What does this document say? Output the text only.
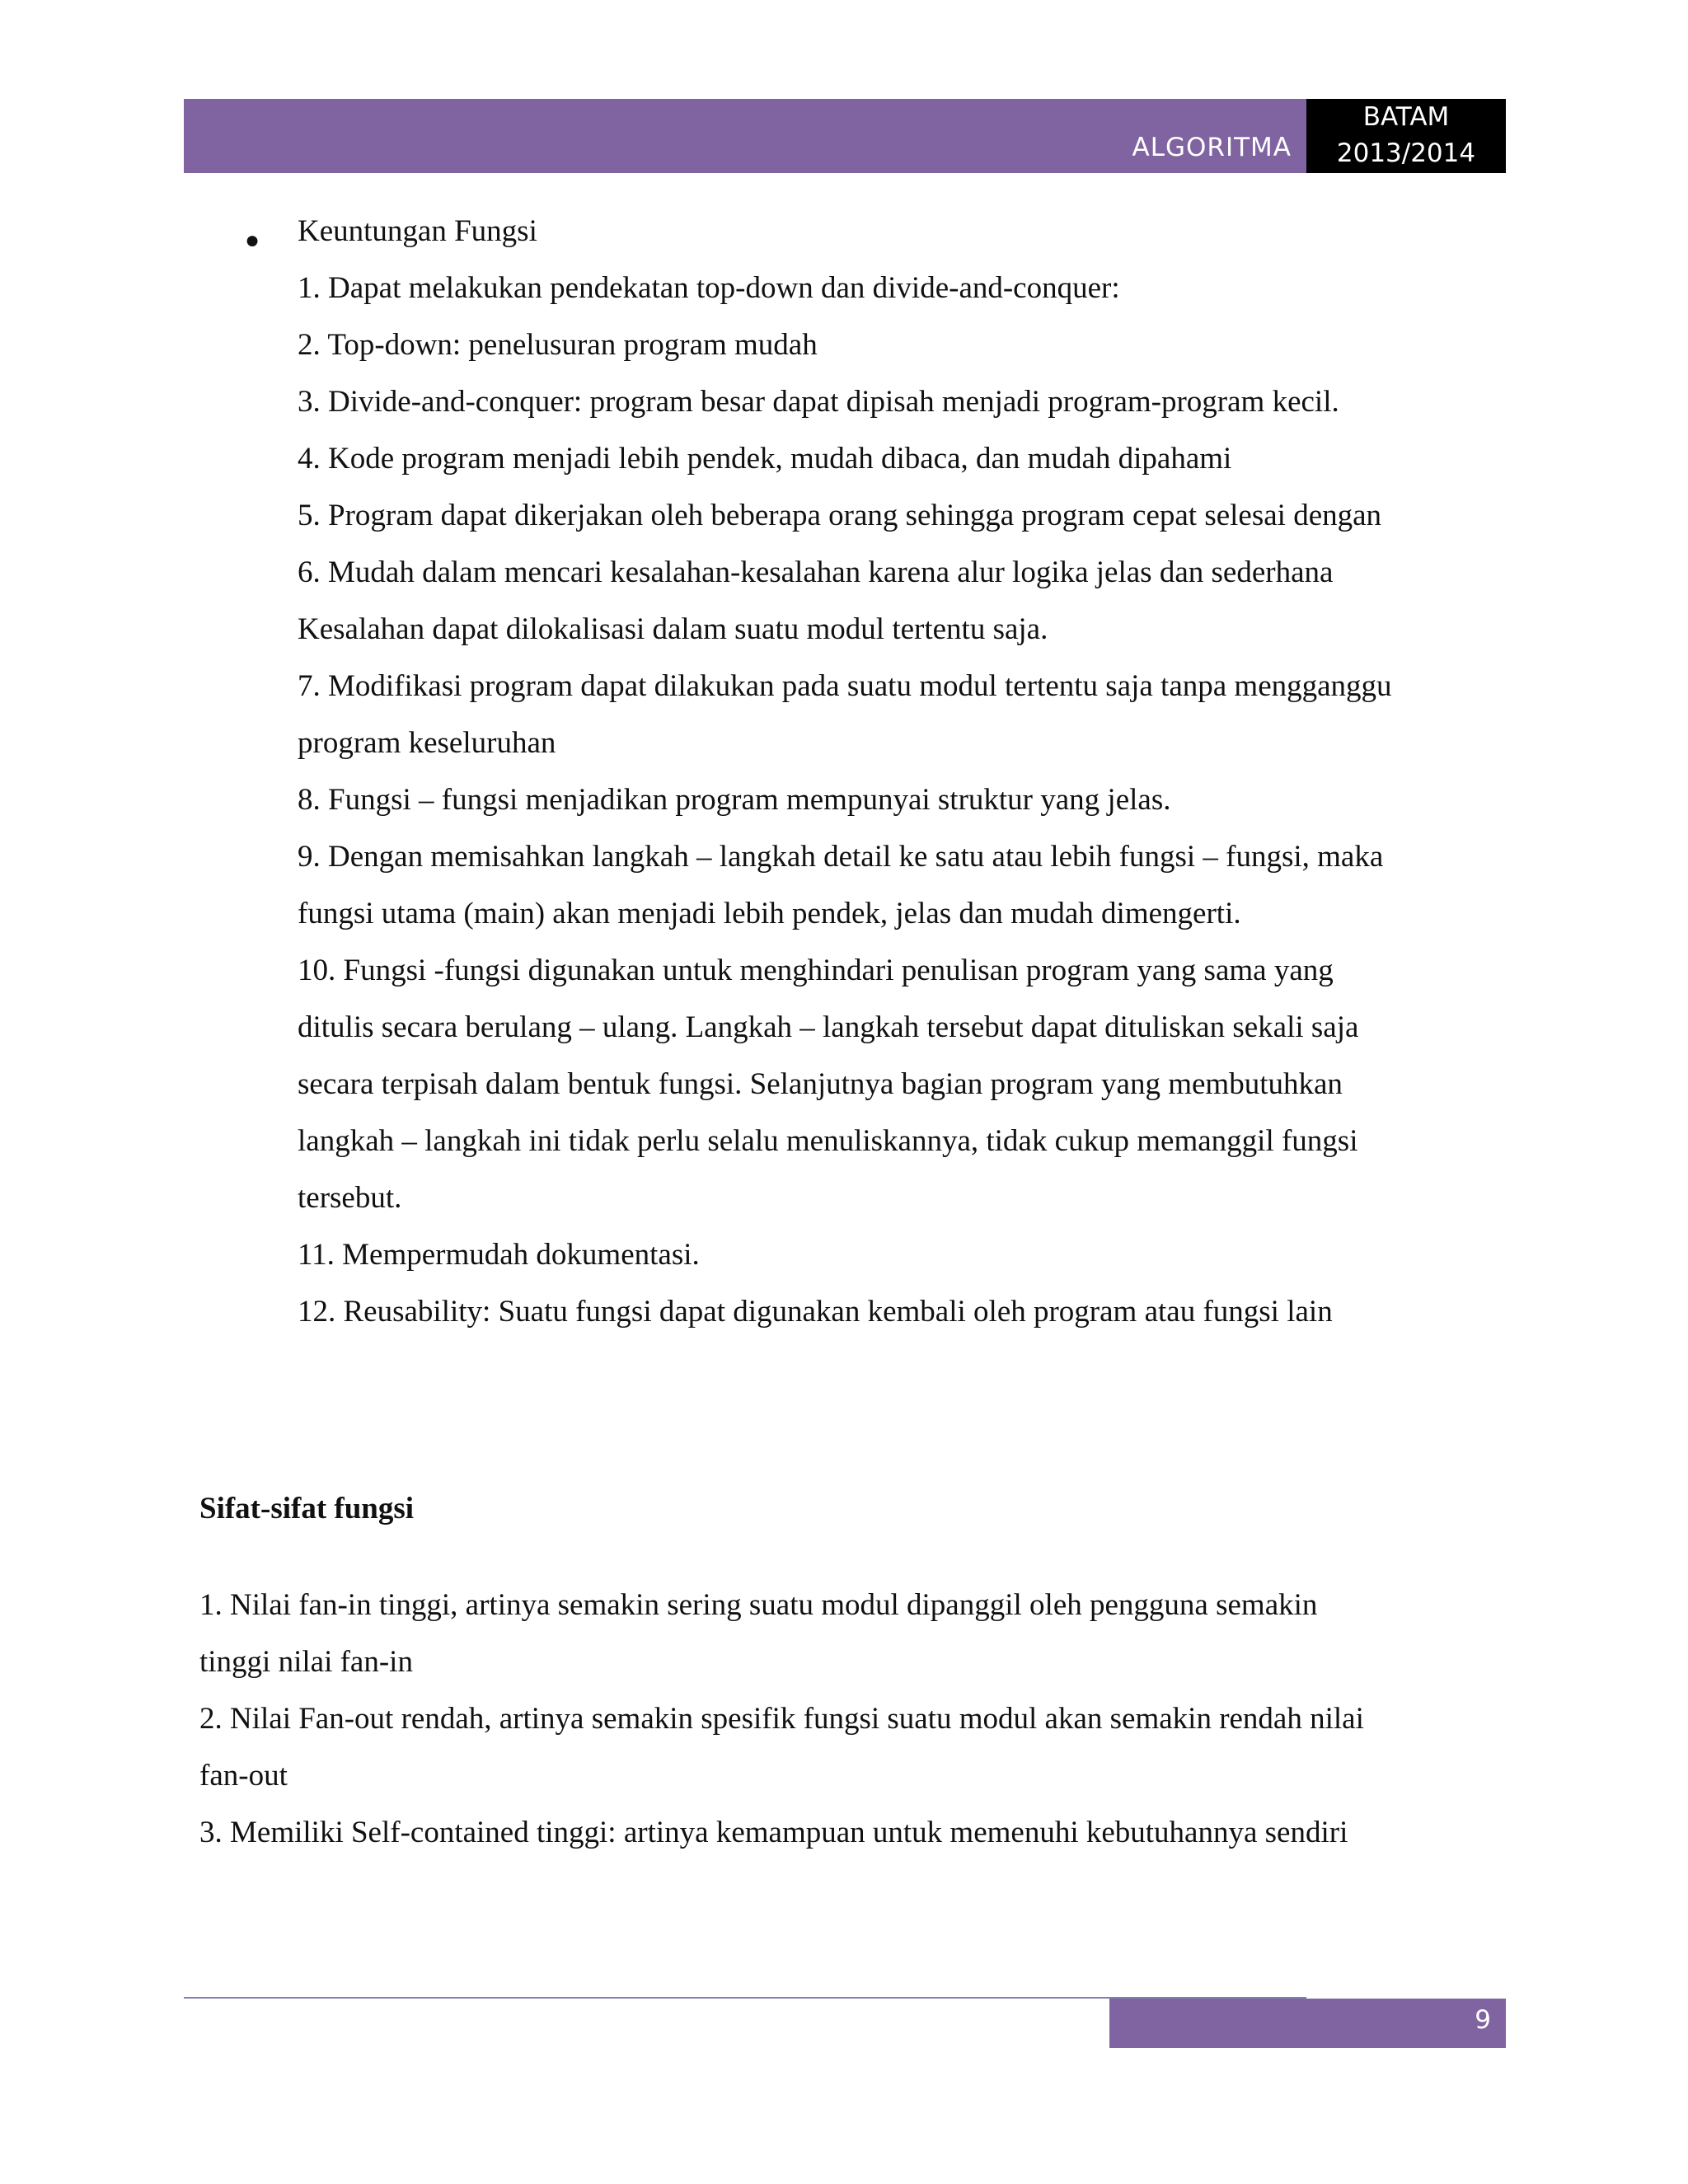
ALGORITMA
BATAM
2013/2014
● Keuntungan Fungsi
1. Dapat melakukan pendekatan top-down dan divide-and-conquer:
2. Top-down: penelusuran program mudah
3. Divide-and-conquer: program besar dapat dipisah menjadi program-program kecil.
4. Kode program menjadi lebih pendek, mudah dibaca, dan mudah dipahami
5. Program dapat dikerjakan oleh beberapa orang sehingga program cepat selesai dengan
6. Mudah dalam mencari kesalahan-kesalahan karena alur logika jelas dan sederhana
Kesalahan dapat dilokalisasi dalam suatu modul tertentu saja.
7. Modifikasi program dapat dilakukan pada suatu modul tertentu saja tanpa mengganggu
program keseluruhan
8. Fungsi – fungsi menjadikan program mempunyai struktur yang jelas.
9. Dengan memisahkan langkah – langkah detail ke satu atau lebih fungsi – fungsi, maka
fungsi utama (main) akan menjadi lebih pendek, jelas dan mudah dimengerti.
10. Fungsi -fungsi digunakan untuk menghindari penulisan program yang sama yang
ditulis secara berulang – ulang. Langkah – langkah tersebut dapat dituliskan sekali saja
secara terpisah dalam bentuk fungsi. Selanjutnya bagian program yang membutuhkan
langkah – langkah ini tidak perlu selalu menuliskannya, tidak cukup memanggil fungsi
tersebut.
11. Mempermudah dokumentasi.
12. Reusability: Suatu fungsi dapat digunakan kembali oleh program atau fungsi lain
Sifat-sifat fungsi
1. Nilai fan-in tinggi, artinya semakin sering suatu modul dipanggil oleh pengguna semakin
tinggi nilai fan-in
2. Nilai Fan-out rendah, artinya semakin spesifik fungsi suatu modul akan semakin rendah nilai
fan-out
3. Memiliki Self-contained tinggi: artinya kemampuan untuk memenuhi kebutuhannya sendiri
9
